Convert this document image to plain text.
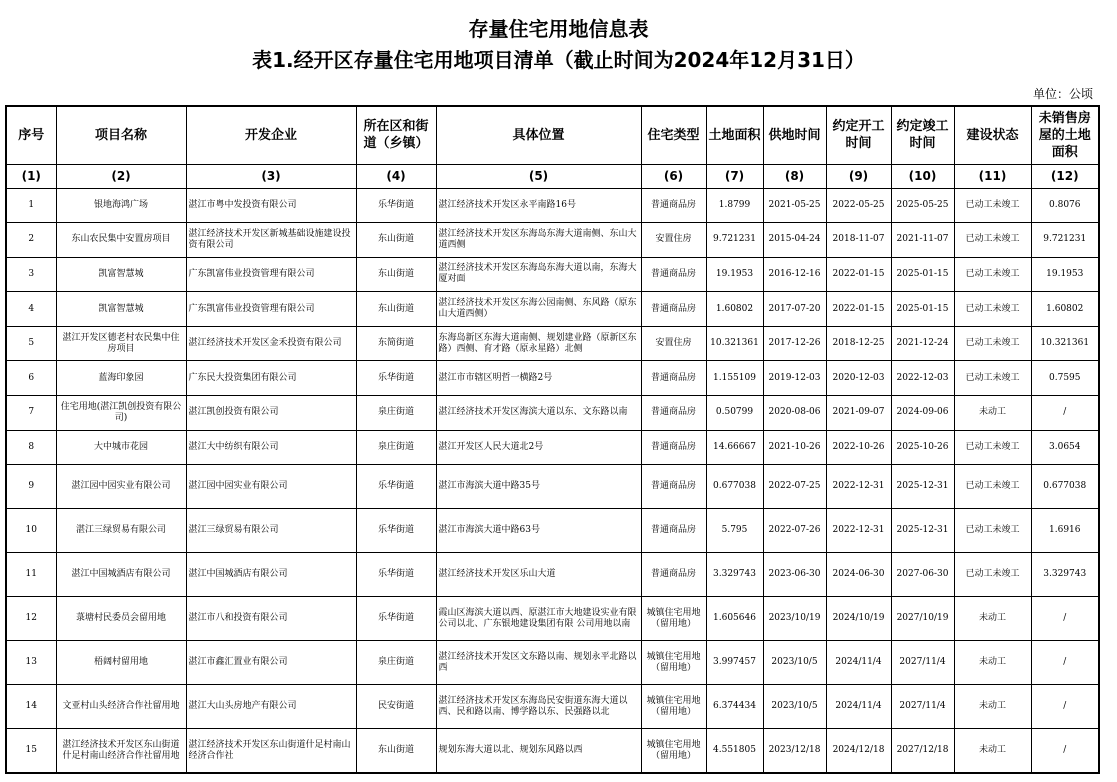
存量住宅用地信息表
表1.经开区存量住宅用地项目清单（截止时间为2024年12月31日）
单位：公顷
序号	项目名称	开发企业	所在区和街道（乡镇）	具体位置	住宅类型	土地面积	供地时间	约定开工时间	约定竣工时间	建设状态	未销售房屋的土地面积
(1)	(2)	(3)	(4)	(5)	(6)	(7)	(8)	(9)	(10)	(11)	(12)
1	银地海鸿广场	湛江市粤中发投资有限公司	乐华街道	湛江经济技术开发区永平南路16号	普通商品房	1.8799	2021-05-25	2022-05-25	2025-05-25	已动工未竣工	0.8076
2	东山农民集中安置房项目	湛江经济技术开发区新城基础设施建设投资有限公司	东山街道	湛江经济技术开发区东海岛东海大道南侧、东山大道西侧	安置住房	9.721231	2015-04-24	2018-11-07	2021-11-07	已动工未竣工	9.721231
3	凯富智慧城	广东凯富伟业投资管理有限公司	东山街道	湛江经济技术开发区东海岛东海大道以南，东海大厦对面	普通商品房	19.1953	2016-12-16	2022-01-15	2025-01-15	已动工未竣工	19.1953
4	凯富智慧城	广东凯富伟业投资管理有限公司	东山街道	湛江经济技术开发区东海公园南侧、东风路（原东山大道西侧）	普通商品房	1.60802	2017-07-20	2022-01-15	2025-01-15	已动工未竣工	1.60802
5	湛江开发区德老村农民集中住房项目	湛江经济技术开发区金禾投资有限公司	东简街道	东海岛新区东海大道南侧、规划建业路（原新区东路）西侧、育才路（原永星路）北侧	安置住房	10.321361	2017-12-26	2018-12-25	2021-12-24	已动工未竣工	10.321361
6	蓝海印象园	广东民大投资集团有限公司	乐华街道	湛江市市辖区明哲一横路2号	普通商品房	1.155109	2019-12-03	2020-12-03	2022-12-03	已动工未竣工	0.7595
7	住宅用地(湛江凯创投资有限公司)	湛江凯创投资有限公司	泉庄街道	湛江经济技术开发区海滨大道以东、文东路以南	普通商品房	0.50799	2020-08-06	2021-09-07	2024-09-06	未动工	/
8	大中城市花园	湛江大中纺织有限公司	泉庄街道	湛江开发区人民大道北2号	普通商品房	14.66667	2021-10-26	2022-10-26	2025-10-26	已动工未竣工	3.0654
9	湛江园中园实业有限公司	湛江园中园实业有限公司	乐华街道	湛江市海滨大道中路35号	普通商品房	0.677038	2022-07-25	2022-12-31	2025-12-31	已动工未竣工	0.677038
10	湛江三绿贸易有限公司	湛江三绿贸易有限公司	乐华街道	湛江市海滨大道中路63号	普通商品房	5.795	2022-07-26	2022-12-31	2025-12-31	已动工未竣工	1.6916
11	湛江中国城酒店有限公司	湛江中国城酒店有限公司	乐华街道	湛江经济技术开发区乐山大道	普通商品房	3.329743	2023-06-30	2024-06-30	2027-06-30	已动工未竣工	3.329743
12	菉塘村民委员会留用地	湛江市八和投资有限公司	乐华街道	霞山区海滨大道以西、原湛江市大地建设实业有限公司以北、广东银地建设集团有限 公司用地以南	城镇住宅用地（留用地）	1.605646	2023/10/19	2024/10/19	2027/10/19	未动工	/
13	梧阔村留用地	湛江市鑫汇置业有限公司	泉庄街道	湛江经济技术开发区文东路以南、规划永平北路以西	城镇住宅用地（留用地）	3.997457	2023/10/5	2024/11/4	2027/11/4	未动工	/
14	文亚村山头经济合作社留用地	湛江大山头房地产有限公司	民安街道	湛江经济技术开发区东海岛民安街道东海大道以西、民和路以南、博学路以东、民强路以北	城镇住宅用地（留用地）	6.374434	2023/10/5	2024/11/4	2027/11/4	未动工	/
15	湛江经济技术开发区东山街道什足村南山经济合作社留用地	湛江经济技术开发区东山街道什足村南山经济合作社	东山街道	规划东海大道以北、规划东风路以西	城镇住宅用地（留用地）	4.551805	2023/12/18	2024/12/18	2027/12/18	未动工	/
